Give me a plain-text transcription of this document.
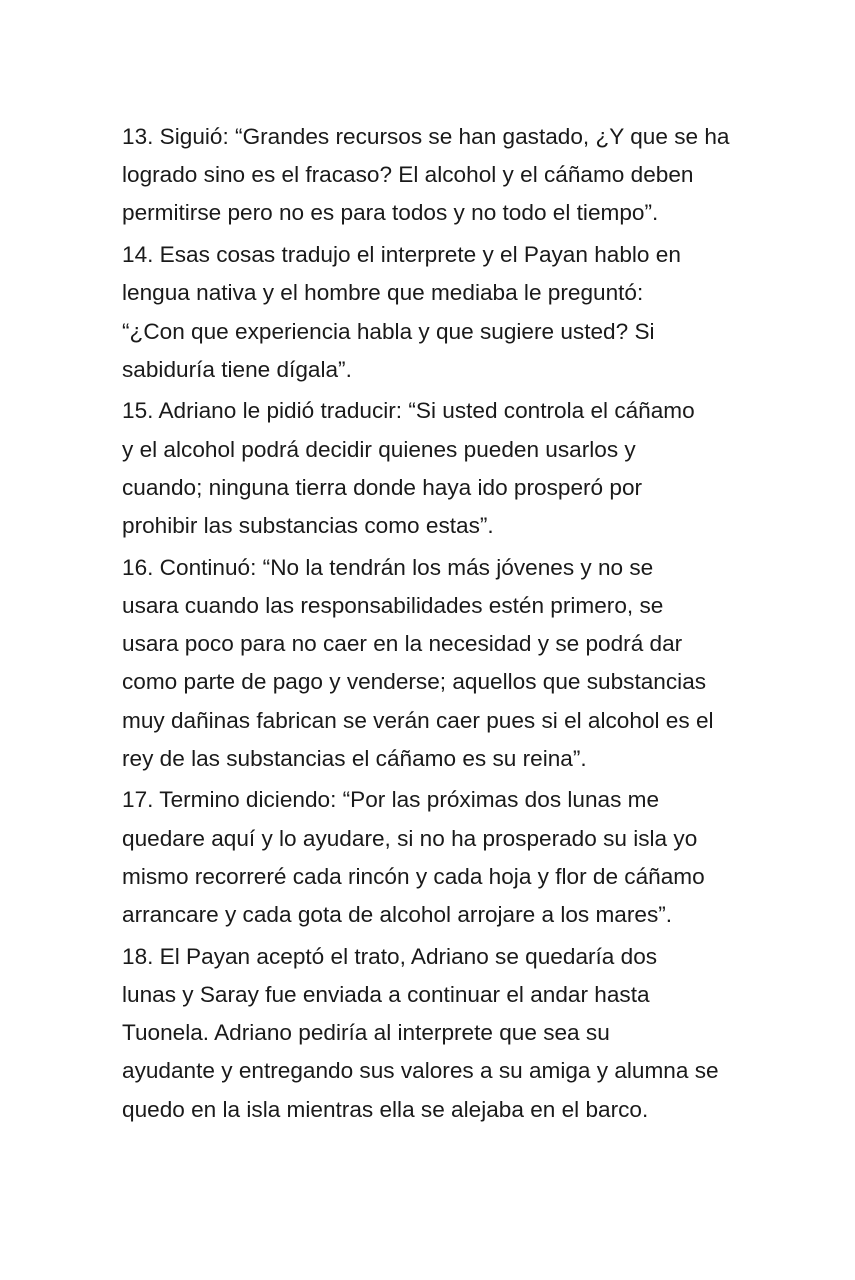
13. Siguió: “Grandes recursos se han gastado, ¿Y que se ha
logrado sino es el fracaso? El alcohol y el cáñamo deben
permitirse pero no es para todos y no todo el tiempo”.

14. Esas cosas tradujo el interprete y el Payan hablo en
lengua nativa y el hombre que mediaba le preguntó:
“¿Con que experiencia habla y que sugiere usted? Si
sabiduría tiene dígala”.

15. Adriano le pidió traducir: “Si usted controla el cáñamo
y el alcohol podrá decidir quienes pueden usarlos y
cuando; ninguna tierra donde haya ido prosperó por
prohibir las substancias como estas”.

16. Continuó: “No la tendrán los más jóvenes y no se
usara cuando las responsabilidades estén primero, se
usara poco para no caer en la necesidad y se podrá dar
como parte de pago y venderse; aquellos que substancias
muy dañinas fabrican se verán caer pues si el alcohol es el
rey de las substancias el cáñamo es su reina”.

17. Termino diciendo: “Por las próximas dos lunas me
quedare aquí y lo ayudare, si no ha prosperado su isla yo
mismo recorreré cada rincón y cada hoja y flor de cáñamo
arrancare y cada gota de alcohol arrojare a los mares”.

18. El Payan aceptó el trato, Adriano se quedaría dos
lunas y Saray fue enviada a continuar el andar hasta
Tuonela. Adriano pediría al interprete que sea su
ayudante y entregando sus valores a su amiga y alumna se
quedo en la isla mientras ella se alejaba en el barco.
